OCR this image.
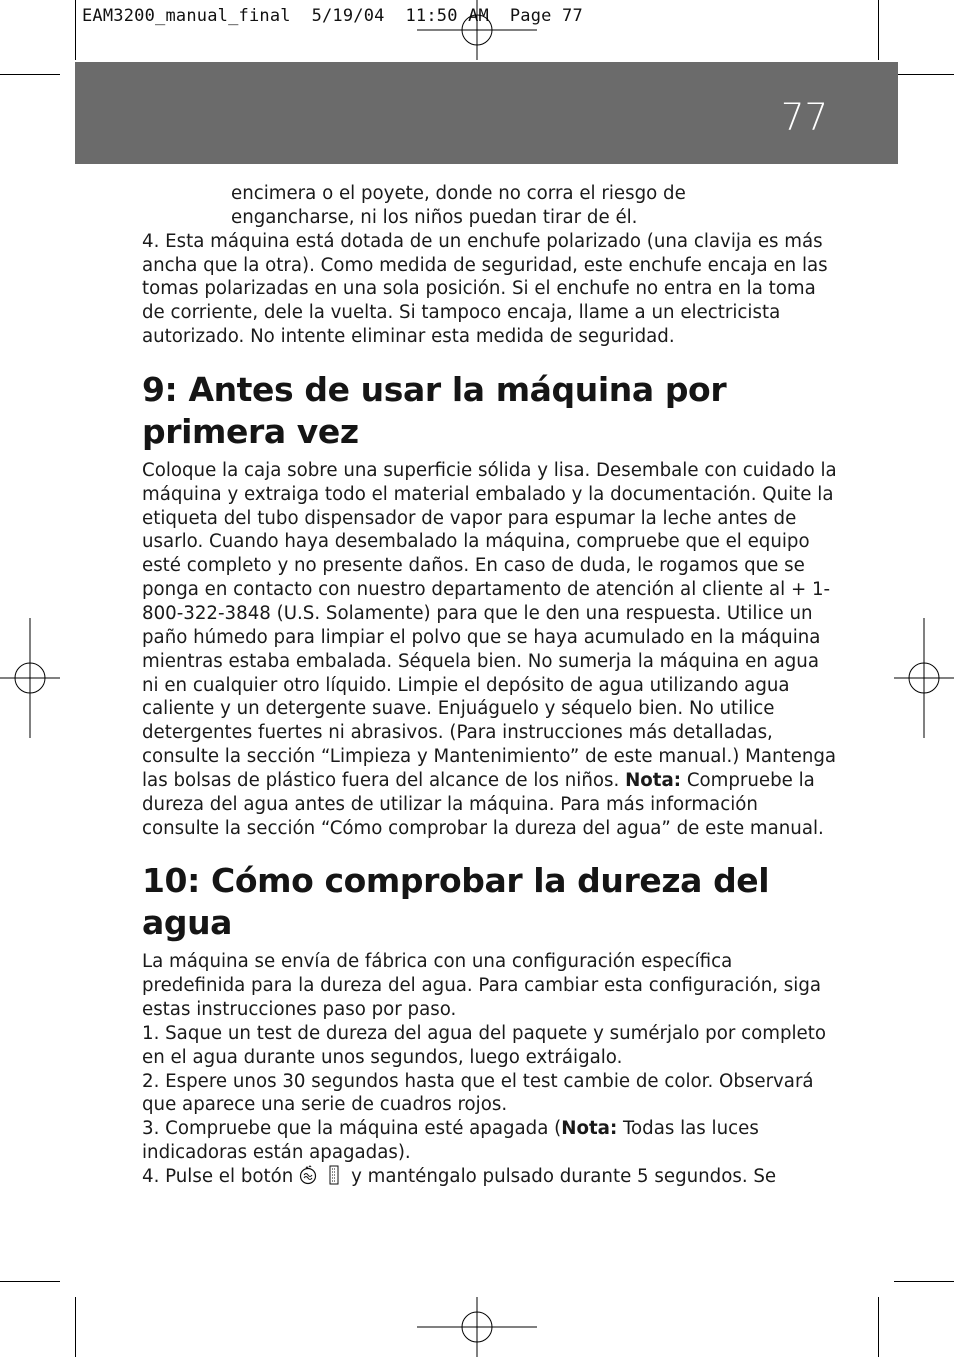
EAM3200_manual_final  5/19/04  11:50 AM  Page 77
77

encimera o el poyete, donde no corra el riesgo de

engancharse, ni los niños puedan tirar de él.

4. Esta máquina está dotada de un enchufe polarizado (una clavija es más ancha que la otra). Como medida de seguridad, este enchufe encaja en las tomas polarizadas en una sola posición. Si el enchufe no entra en la toma de corriente, dele la vuelta. Si tampoco encaja, llame a un electricista autorizado. No intente eliminar esta medida de seguridad.

9: Antes de usar la máquina por primera vez

Coloque la caja sobre una superficie sólida y lisa. Desembale con cuidado la máquina y extraiga todo el material embalado y la documentación. Quite la etiqueta del tubo dispensador de vapor para espumar la leche antes de usarlo. Cuando haya desembalado la máquina, compruebe que el equipo esté completo y no presente daños. En caso de duda, le rogamos que se ponga en contacto con nuestro departamento de atención al cliente al + 1-800-322-3848 (U.S. Solamente) para que le den una respuesta. Utilice un paño húmedo para limpiar el polvo que se haya acumulado en la máquina mientras estaba embalada. Séquela bien. No sumerja la máquina en agua ni en cualquier otro líquido. Limpie el depósito de agua utilizando agua caliente y un detergente suave. Enjuáguelo y séquelo bien. No utilice detergentes fuertes ni abrasivos. (Para instrucciones más detalladas, consulte la sección “Limpieza y Mantenimiento” de este manual.) Mantenga las bolsas de plástico fuera del alcance de los niños. Nota: Compruebe la dureza del agua antes de utilizar la máquina. Para más información consulte la sección “Cómo comprobar la dureza del agua” de este manual.

10: Cómo comprobar la dureza del agua

La máquina se envía de fábrica con una configuración específica predefinida para la dureza del agua. Para cambiar esta configuración, siga estas instrucciones paso por paso.

1. Saque un test de dureza del agua del paquete y sumérjalo por completo en el agua durante unos segundos, luego extráigalo.

2. Espere unos 30 segundos hasta que el test cambie de color. Observará que aparece una serie de cuadros rojos.

3. Compruebe que la máquina esté apagada (Nota: Todas las luces indicadoras están apagadas).

4. Pulse el botón	y manténgalo pulsado durante 5 segundos. Se
